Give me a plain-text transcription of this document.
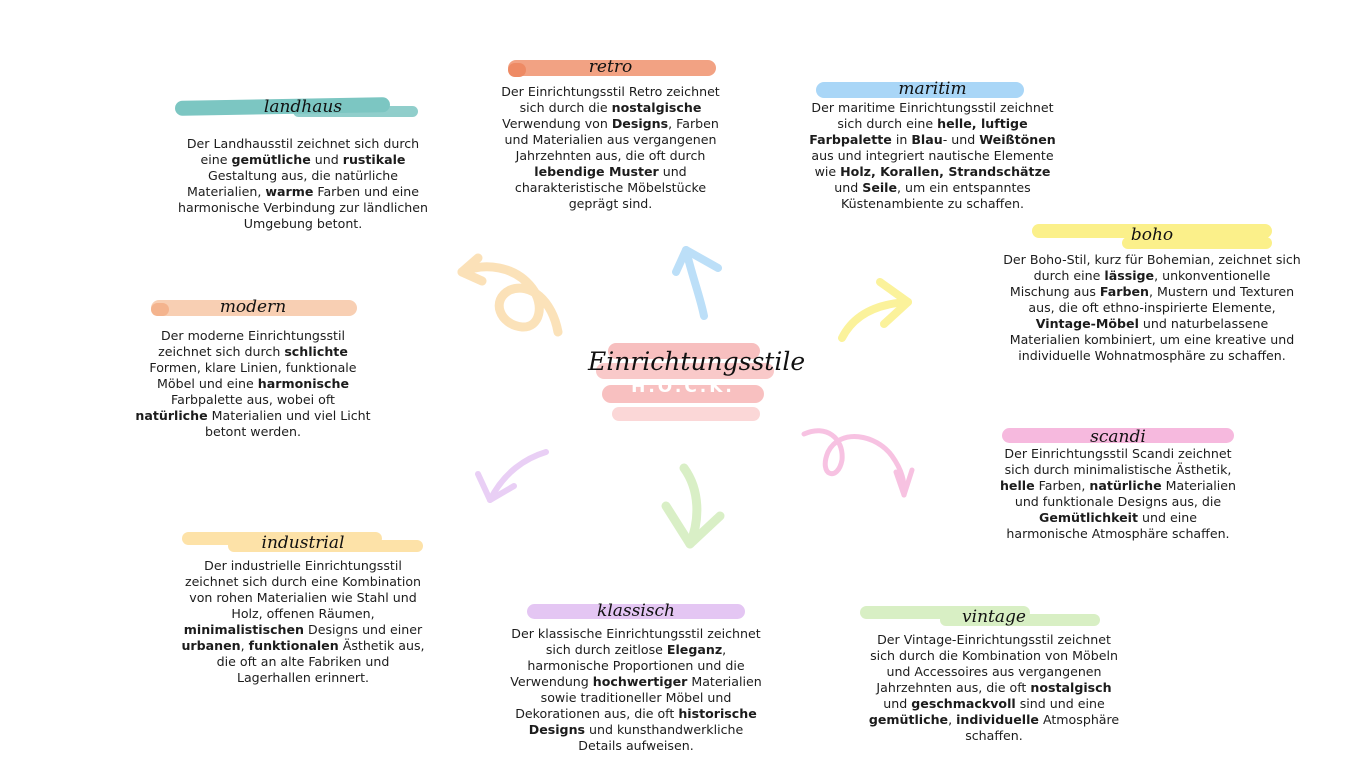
Einrichtungsstile
H.O.C.K.
landhaus
Der Landhausstil zeichnet sich durch eine gemütliche und rustikale Gestaltung aus, die natürliche Materialien, warme Farben und eine harmonische Verbindung zur ländlichen Umgebung betont.
retro
Der Einrichtungsstil Retro zeichnet sich durch die nostalgische Verwendung von Designs, Farben und Materialien aus vergangenen Jahrzehnten aus, die oft durch lebendige Muster und charakteristische Möbelstücke geprägt sind.
maritim
Der maritime Einrichtungsstil zeichnet sich durch eine helle, luftige Farbpalette in Blau- und Weißtönen aus und integriert nautische Elemente wie Holz, Korallen, Strandschätze und Seile, um ein entspanntes Küstenambiente zu schaffen.
boho
Der Boho-Stil, kurz für Bohemian, zeichnet sich durch eine lässige, unkonventionelle Mischung aus Farben, Mustern und Texturen aus, die oft ethno-inspirierte Elemente, Vintage-Möbel und naturbelassene Materialien kombiniert, um eine kreative und individuelle Wohnatmosphäre zu schaffen.
modern
Der moderne Einrichtungsstil zeichnet sich durch schlichte Formen, klare Linien, funktionale Möbel und eine harmonische Farbpalette aus, wobei oft natürliche Materialien und viel Licht betont werden.	scandi
Der Einrichtungsstil Scandi zeichnet sich durch minimalistische Ästhetik, helle Farben, natürliche Materialien und funktionale Designs aus, die Gemütlichkeit und eine harmonische Atmosphäre schaffen.
industrial
Der industrielle Einrichtungsstil zeichnet sich durch eine Kombination von rohen Materialien wie Stahl und Holz, offenen Räumen, minimalistischen Designs und einer urbanen, funktionalen Ästhetik aus, die oft an alte Fabriken und Lagerhallen erinnert.
klassisch
Der klassische Einrichtungsstil zeichnet sich durch zeitlose Eleganz, harmonische Proportionen und die Verwendung hochwertiger Materialien sowie traditioneller Möbel und Dekorationen aus, die oft historische Designs und kunsthandwerkliche Details aufweisen.
vintage
Der Vintage-Einrichtungsstil zeichnet sich durch die Kombination von Möbeln und Accessoires aus vergangenen Jahrzehnten aus, die oft nostalgisch und geschmackvoll sind und eine gemütliche, individuelle Atmosphäre schaffen.
